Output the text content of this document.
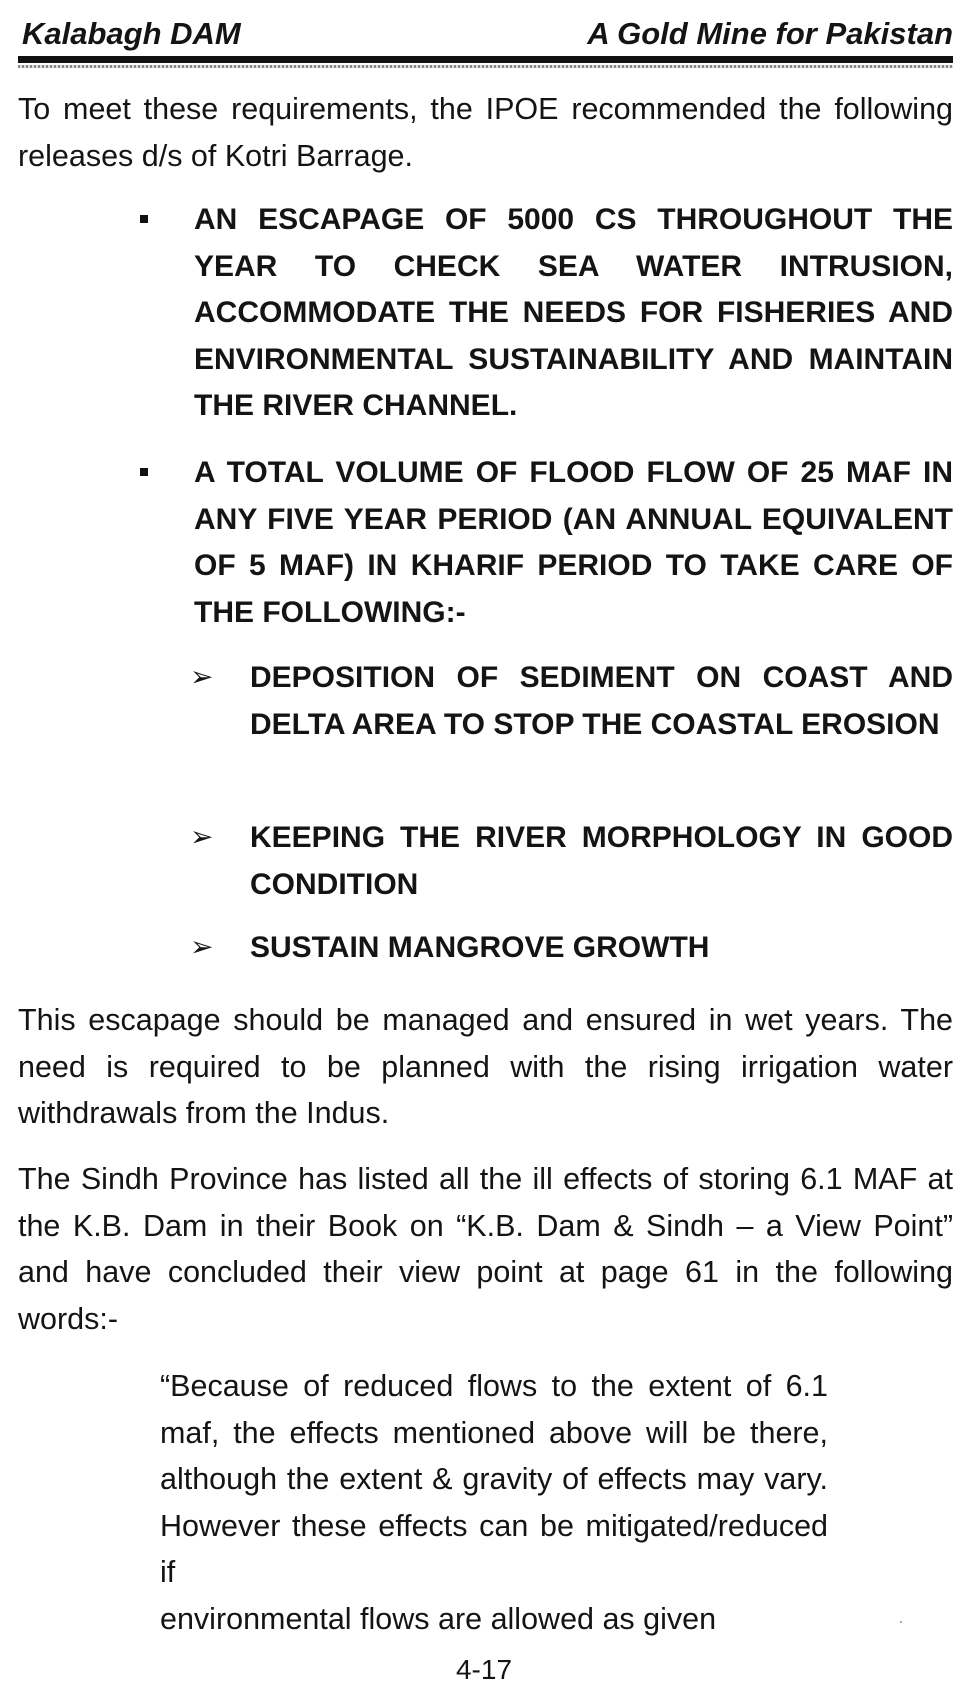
Kalabagh DAM	A Gold Mine for Pakistan

To meet these requirements, the IPOE recommended the following releases d/s of Kotri Barrage.

AN ESCAPAGE OF 5000 CS THROUGHOUT THE YEAR TO CHECK SEA WATER INTRUSION, ACCOMMODATE THE NEEDS FOR FISHERIES AND ENVIRONMENTAL SUSTAINABILITY AND MAINTAIN THE RIVER CHANNEL.
A TOTAL VOLUME OF FLOOD FLOW OF 25 MAF IN ANY FIVE YEAR PERIOD (AN ANNUAL EQUIVALENT OF 5 MAF) IN KHARIF PERIOD TO TAKE CARE OF THE FOLLOWING:-
➢ DEPOSITION OF SEDIMENT ON COAST AND DELTA AREA TO STOP THE COASTAL EROSION
➢ KEEPING THE RIVER MORPHOLOGY IN GOOD CONDITION
➢ SUSTAIN MANGROVE GROWTH

This escapage should be managed and ensured in wet years. The need is required to be planned with the rising irrigation water withdrawals from the Indus.

The Sindh Province has listed all the ill effects of storing 6.1 MAF at the K.B. Dam in their Book on “K.B. Dam & Sindh – a View Point” and have concluded their view point at page 61 in the following words:-

“Because of reduced flows to the extent of 6.1 maf, the effects mentioned above will be there, although the extent & gravity of effects may vary. However these effects can be mitigated/reduced if
environmental flows are allowed as given
4-17
